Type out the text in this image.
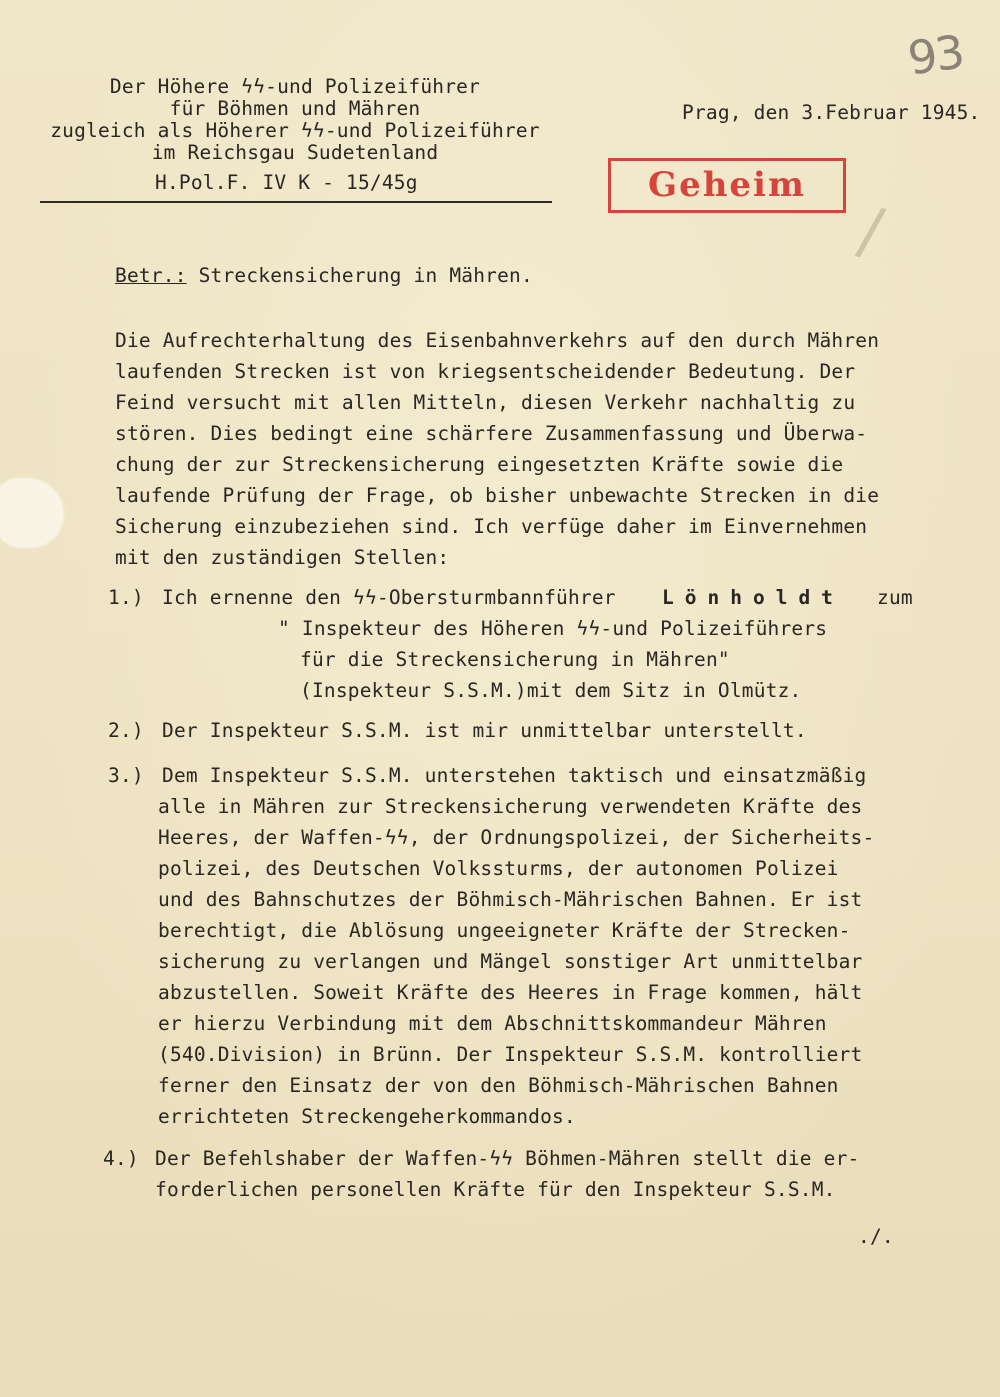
93
/
Der Höhere ϟϟ-und Polizeiführer
für Böhmen und Mähren
zugleich als Höherer ϟϟ-und Polizeiführer
im Reichsgau Sudetenland
H.Pol.F. IV K - 15/45g
Prag, den 3.Februar 1945.
Geheim
Betr.: Streckensicherung in Mähren.
Die Aufrechterhaltung des Eisenbahnverkehrs auf den durch Mähren
laufenden Strecken ist von kriegsentscheidender Bedeutung. Der
Feind versucht mit allen Mitteln, diesen Verkehr nachhaltig zu
stören. Dies bedingt eine schärfere Zusammenfassung und Überwa-
chung der zur Streckensicherung eingesetzten Kräfte sowie die
laufende Prüfung der Frage, ob bisher unbewachte Strecken in die
Sicherung einzubeziehen sind. Ich verfüge daher im Einvernehmen
mit den zuständigen Stellen:
1.) Ich ernenne den ϟϟ-Obersturmbannführer Lönholdt zum
" Inspekteur des Höheren ϟϟ-und Polizeiführers
für die Streckensicherung in Mähren"
(Inspekteur S.S.M.)mit dem Sitz in Olmütz.
2.) Der Inspekteur S.S.M. ist mir unmittelbar unterstellt.
3.) Dem Inspekteur S.S.M. unterstehen taktisch und einsatzmäßig
alle in Mähren zur Streckensicherung verwendeten Kräfte des
Heeres, der Waffen-ϟϟ, der Ordnungspolizei, der Sicherheits-
polizei, des Deutschen Volkssturms, der autonomen Polizei
und des Bahnschutzes der Böhmisch-Mährischen Bahnen. Er ist
berechtigt, die Ablösung ungeeigneter Kräfte der Strecken-
sicherung zu verlangen und Mängel sonstiger Art unmittelbar
abzustellen. Soweit Kräfte des Heeres in Frage kommen, hält
er hierzu Verbindung mit dem Abschnittskommandeur Mähren
(540.Division) in Brünn. Der Inspekteur S.S.M. kontrolliert
ferner den Einsatz der von den Böhmisch-Mährischen Bahnen
errichteten Streckengeherkommandos.
4.) Der Befehlshaber der Waffen-ϟϟ Böhmen-Mähren stellt die er-
forderlichen personellen Kräfte für den Inspekteur S.S.M.
./.
